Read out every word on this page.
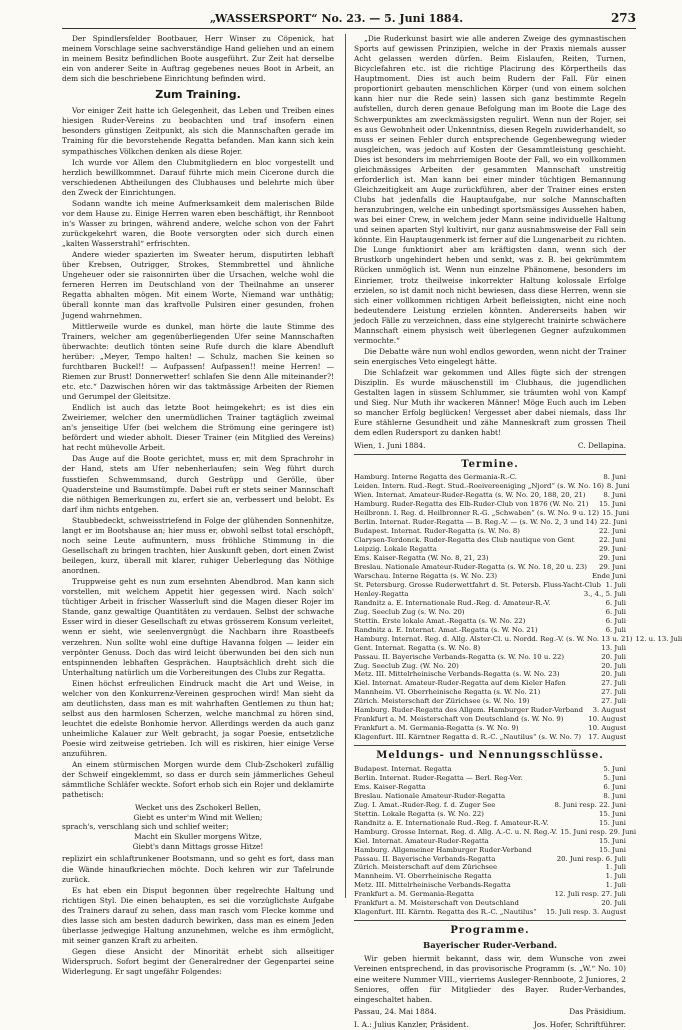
„WASSERSPORT“ No. 23. — 5. Juni 1884.	273

Der Spindlersfelder Bootbauer, Herr Winser zu Cöpenick, hat meinem Vorschlage seine sachverständige Hand geliehen und an einem in meinem Besitz befindlichen Boote ausgeführt. Zur Zeit hat derselbe ein von anderer Seite in Auftrag gegebenes neues Boot in Arbeit, an dem sich die beschriebene Einrichtung befinden wird.

Zum Training.

Vor einiger Zeit hatte ich Gelegenheit, das Leben und Treiben eines hiesigen Ruder-Vereins zu beobachten und traf insofern einen besonders günstigen Zeitpunkt, als sich die Mannschaften gerade im Training für die bevorstehende Regatta befanden. Man kann sich kein sympathisches Völkchen denken als diese Rojer.

Ich wurde vor Allem den Clubmitgliedern en bloc vorgestellt und herzlich bewillkommnet. Darauf führte mich mein Cicerone durch die verschiedenen Abtheilungen des Clubhauses und belehrte mich über den Zweck der Einrichtungen.

Sodann wandte ich meine Aufmerksamkeit dem malerischen Bilde vor dem Hause zu. Einige Herren waren eben beschäftigt, ihr Rennboot in's Wasser zu bringen, während andere, welche schon von der Fahrt zurückgekehrt waren, die Boote versorgten oder sich durch einen „kalten Wasserstrahl“ erfrischten.

Andere wieder spazierten im Sweater herum, disputirten lebhaft über Krebsen, Outrigger, Strokes, Stemmbrettel und ähnliche Ungeheuer oder sie raisonnirten über die Ursachen, welche wohl die ferneren Herren im Deutschland von der Theilnahme an unserer Regatta abhalten mögen. Mit einem Worte, Niemand war unthätig; überall konnte man das kraftvolle Pulsiren einer gesunden, frohen Jugend wahrnehmen.

Mittlerweile wurde es dunkel, man hörte die laute Stimme des Trainers, welcher am gegenüberliegenden Ufer seine Mannschaften überwachte: deutlich tönten seine Rufe durch die klare Abendluft herüber: „Meyer, Tempo halten! — Schulz, machen Sie keinen so furchtbaren Buckel!! — Aufpassen! Aufpassen!! meine Herren! — Riemen zur Brust! Donnerwetter! schlafen Sie denn Alle miteinander?! etc. etc.“ Dazwischen hören wir das taktmässige Arbeiten der Riemen und Gerumpel der Gleitsitze.

Endlich ist auch das letzte Boot heimgekehrt; es ist dies ein Zweiriemer, welcher den unermüdlichen Trainer tagtäglich zweimal an's jenseitige Ufer (bei welchem die Strömung eine geringere ist) befördert und wieder abholt. Dieser Trainer (ein Mitglied des Vereins) hat recht mühevolle Arbeit.

Das Auge auf die Boote gerichtet, muss er, mit dem Sprachrohr in der Hand, stets am Ufer nebenherlaufen; sein Weg führt durch fusstiefen Schwemmsand, durch Gestrüpp und Gerölle, über Quadersteine und Baumstümpfe. Dabei ruft er stets seiner Mannschaft die nöthigen Bemerkungen zu, erfert sie an, verbessert und belobt. Es darf ihm nichts entgehen.

Staubbedeckt, schweisstriefend in Folge der glühenden Sonnenhitze, langt er im Bootshause an; hier muss er, obwohl selbst total erschöpft, noch seine Leute aufmuntern, muss fröhliche Stimmung in die Gesellschaft zu bringen trachten, hier Auskunft geben, dort einen Zwist beilegen, kurz, überall mit klarer, ruhiger Ueberlegung das Nöthige anordnen.

Truppweise geht es nun zum ersehnten Abendbrod. Man kann sich vorstellen, mit welchem Appetit hier gegessen wird. Nach solch' tüchtiger Arbeit in frischer Wasserluft sind die Magen dieser Rojer im Stande, ganz gewaltige Quantitäten zu verdauen. Selbst der schwache Esser wird in dieser Gesellschaft zu etwas grösserem Konsum verleitet, wenn er sieht, wie seelenvergnügt die Nachbarn ihre Roastbeefs verzehren. Nun sollte wohl eine duftige Havanna folgen — leider ein verpönter Genuss. Doch das wird leicht überwunden bei den sich nun entspinnenden lebhaften Gesprächen. Hauptsächlich dreht sich die Unterhaltung natürlich um die Vorbereitungen des Clubs zur Regatta.

Einen höchst erfreulichen Eindruck macht die Art und Weise, in welcher von den Konkurrenz-Vereinen gesprochen wird! Man sieht da am deutlichsten, dass man es mit wahrhaften Gentlemen zu thun hat; selbst aus den harmlosen Scherzen, welche manchmal zu hören sind, leuchtet die edelste Bonhomie hervor. Allerdings werden da auch ganz unheimliche Kalauer zur Welt gebracht, ja sogar Poesie, entsetzliche Poesie wird zeitweise getrieben. Ich will es riskiren, hier einige Verse anzuführen.

An einem stürmischen Morgen wurde dem Club-Zschokerl zufällig der Schweif eingeklemmt, so dass er durch sein jämmerliches Geheul sämmtliche Schläfer weckte. Sofort erhob sich ein Rojer und deklamirte pathetisch:

Wecket uns des Zschokerl Bellen,
Giebt es unter'm Wind mit Wellen;
sprach's, verschlang sich und schlief weiter;
Macht ein Skuller morgens Witze,
Giebt's dann Mittags grosse Hitze!

replizirt ein schlaftrunkener Bootsmann, und so geht es fort, dass man die Wände hinaufkriechen möchte. Doch kehren wir zur Tafelrunde zurück.

Es hat eben ein Disput begonnen über regelrechte Haltung und richtigen Styl. Die einen behaupten, es sei die vorzüglichste Aufgabe des Trainers darauf zu sehen, dass man rasch vom Flecke komme und dies lasse sich am besten dadurch bewirken, dass man es einem Jeden überlasse jedwegige Haltung anzunehmen, welche es ihm ermöglicht, mit seiner ganzen Kraft zu arbeiten.

Gegen diese Ansicht der Minorität erhebt sich allseitiger Widerspruch. Sofort begimt der Generalredner der Gegenpartei seine Widerlegung. Er sagt ungefähr Folgendes:

„Die Ruderkunst basirt wie alle anderen Zweige des gymnastischen Sports auf gewissen Prinzipien, welche in der Praxis niemals ausser Acht gelassen werden dürfen. Beim Eislaufen, Reiten, Turnen, Bicyclefahren etc. ist die richtige Placirung des Körpertheils das Hauptmoment. Dies ist auch beim Rudern der Fall. Für einen proportionirt gebauten menschlichen Körper (und von einem solchen kann hier nur die Rede sein) lassen sich ganz bestimmte Regeln aufstellen, durch deren genaue Befolgung man im Boote die Lage des Schwerpunktes am zweckmässigsten regulirt. Wenn nun der Rojer, sei es aus Gewohnheit oder Unkenntniss, diesen Regeln zuwiderhandelt, so muss er seinen Fehler durch entsprechende Gegenbewegung wieder ausgleichen, was jedoch auf Kosten der Gesammtleistung geschieht. Dies ist besonders im mehrriemigen Boote der Fall, wo ein vollkommen gleichmässiges Arbeiten der gesammten Mannschaft unstreitig erforderlich ist. Man kann bei einer minder tüchtigen Bemannung Gleichzeitigkeit am Auge zurückführen, aber der Trainer eines ersten Clubs hat jedenfalls die Hauptaufgabe, nur solche Mannschaften heranzubringen, welche ein unbedingt sportsmässiges Aussehen haben, was bei einer Crew, in welchem jeder Mann seine individuelle Haltung und seinen aparten Styl kultivirt, nur ganz ausnahmsweise der Fall sein könnte. Ein Hauptaugenmerk ist ferner auf die Lungenarbeit zu richten. Die Lunge funktionirt aber am kräftigsten dann, wenn sich der Brustkorb ungehindert heben und senkt, was z. B. bei gekrümmtem Rücken unmöglich ist. Wenn nun einzelne Phänomene, besonders im Einriemer, trotz theilweise inkorrekter Haltung kolossale Erfolge erzielen, so ist damit noch nicht bewiesen, dass diese Herren, wenn sie sich einer vollkommen richtigen Arbeit befleissigten, nicht eine noch bedeutendere Leistung erzielen könnten. Andererseits haben wir jedoch Fälle zu verzeichnen, dass eine stylgerecht trainirte schwächere Mannschaft einem physisch weit überlegenen Gegner aufzukommen vermochte.“

Die Debatte wäre nun wohl endlos geworden, wenn nicht der Trainer sein energisches Veto eingelegt hätte.

Die Schlafzeit war gekommen und Alles fügte sich der strengen Disziplin. Es wurde mäuschenstill im Clubhaus, die jugendlichen Gestalten lagen in süssem Schlummer, sie träumten wohl von Kampf und Sieg. Nur Muth ihr wackeren Männer! Möge Euch auch im Leben so mancher Erfolg beglücken! Vergesset aber dabei niemals, dass Ihr Eure stählerne Gesundheit und zähe Manneskraft zum grossen Theil dem edlen Rudersport zu danken habt!

Wien, 1. Juni 1884.	C. Dellapina.
Termine.
Hamburg. Interne Regatta des Germania-R.-C.	8. Juni
Leiden. Intern. Rud.-Regt. Stud.-Roeivereeniging „Njord“ (s. W. No. 16) 8. Juni
Wien. Internat. Amateur-Ruder-Regatta (s. W. No. 20, 188, 20, 21)	8. Juni
Hamburg. Ruder-Regatta des Elb-Ruder-Club von 1876 (W. No. 21)	15. Juni
Heilbronn. I. Reg. d. Heilbronner R.-G. „Schwaben“ (s. W. No. 9 u. 12) 15. Juni
Berlin. Internat. Ruder-Regatta — B. Reg.-V. — (s. W. No. 2, 3 und 14) 22. Juni
Budapest. Internat. Ruder-Regatta (s. W. No. 8)	22. Juni
Clarysen-Terdonck. Ruder-Regatta des Club nautique von Gent	22. Juni
Leipzig. Lokale Regatta	29. Juni
Ems. Kaiser-Regatta (W. No. 8, 21, 23)	29. Juni
Breslau. Nationale Amateur-Ruder-Regatta (s. W. No. 18, 20 u. 23)	29. Juni
Warschau. Interne Regatta (s. W. No. 23)	Ende Juni
St. Petersburg. Grosse Ruderwettfahrt d. St. Petersb. Fluss-Yacht-Club 1. Juli
Henley-Regatta	3., 4., 5. Juli
Randnitz a. E. Internationale Rud.-Reg. d. Amateur-R.-V.	6. Juli
Zug. Seeclub Zug (s. W. No. 20)	6. Juli
Stettin. Erste lokale Amat.-Regatta (s. W. No. 22)	6. Juli
Randnitz a. E. Internat. Amat.-Regatta (s. W. No. 21)	6. Juli
Hamburg. Internat. Reg. d. Allg. Alster-Cl. u. Nordd. Reg.-V. (s. W. No. 13 u. 21) 12. u. 13. Juli
Gent. Internat. Regatta (s. W. No. 8)	13. Juli
Passau. II. Bayerische Verbands-Regatta (s. W. No. 10 u. 22)	20. Juli
Zug. Seeclub Zug. (W. No. 20)	20. Juli
Metz. III. Mittelrheinische Verbands-Regatta (s. W. No. 23)	20. Juli
Kiel. Internat. Amateur-Ruder-Regatta auf dem Kieler Hafen	27. Juli
Mannheim. VI. Oberrheinische Regatta (s. W. No. 21)	27. Juli
Zürich. Meisterschaft der Zürichsee (s. W. No. 19)	27. Juli
Hamburg. Ruder-Regatta des Allgem. Hamburger Ruder-Verband	3. August
Frankfurt a. M. Meisterschaft von Deutschland (s. W. No. 9)	10. August
Frankfurt a. M. Germania-Regatta (s. W. No. 9)	10. August
Klagenfurt. III. Kärntner Regatta d. R.-C. „Nautilus“ (s. W. No. 7)	17. August
Meldungs- und Nennungsschlüsse.
Budapest. Internat. Regatta	5. Juni
Berlin. Internat. Ruder-Regatta — Berl. Reg-Ver.	5. Juni
Ems. Kaiser-Regatta	6. Juni
Breslau. Nationale Amateur-Ruder-Regatta	8. Juni
Zug. I. Amat.-Ruder-Reg. f. d. Zuger See	8. Juni resp. 22. Juni
Stettin. Lokale Regatta (s. W. No. 22)	15. Juni
Randnitz a. E. Internationale Rud.-Reg. f. Amateur-R.-V.	15. Juni
Hamburg. Grosse Internat. Reg. d. Allg. A.-C. u. N. Reg.-V. 15. Juni resp. 29. Juni
Kiel. Internat. Amateur-Ruder-Regatta	15. Juni
Hamburg. Allgemeiner Hamburger Ruder-Verband	15. Juni
Passau. II. Bayerische Verbands-Regatta	20. Juni resp. 6. Juli
Zürich. Meisterschaft auf dem Zürichsee	1. Juli
Mannheim. VI. Oberrheinische Regatta	1. Juli
Metz. III. Mittelrheinische Verbands-Regatta	1. Juli
Frankfurt a. M. Germania-Regatta	12. Juli resp. 27. Juli
Frankfurt a. M. Meisterschaft von Deutschland	20. Juli
Klagenfurt. III. Kärntn. Regatta des R.-C. „Nautilus“	15. Juli resp. 3. August
Programme.
Bayerischer Ruder-Verband.

Wir geben hiermit bekannt, dass wir, dem Wunsche von zwei Vereinen entsprechend, in das provisorische Programm (s. „W.“ No. 10) eine weitere Nummer VIII., vierriems Ausleger-Rennboote, 2 Juniores, 2 Seniores, offen für Mitglieder des Bayer. Ruder-Verbandes, eingeschaltet haben.

Passau, 24. Mai 1884.	Das Präsidium.
I. A.: Julius Kanzler, Präsident.	Jos. Hofer, Schriftführer.
